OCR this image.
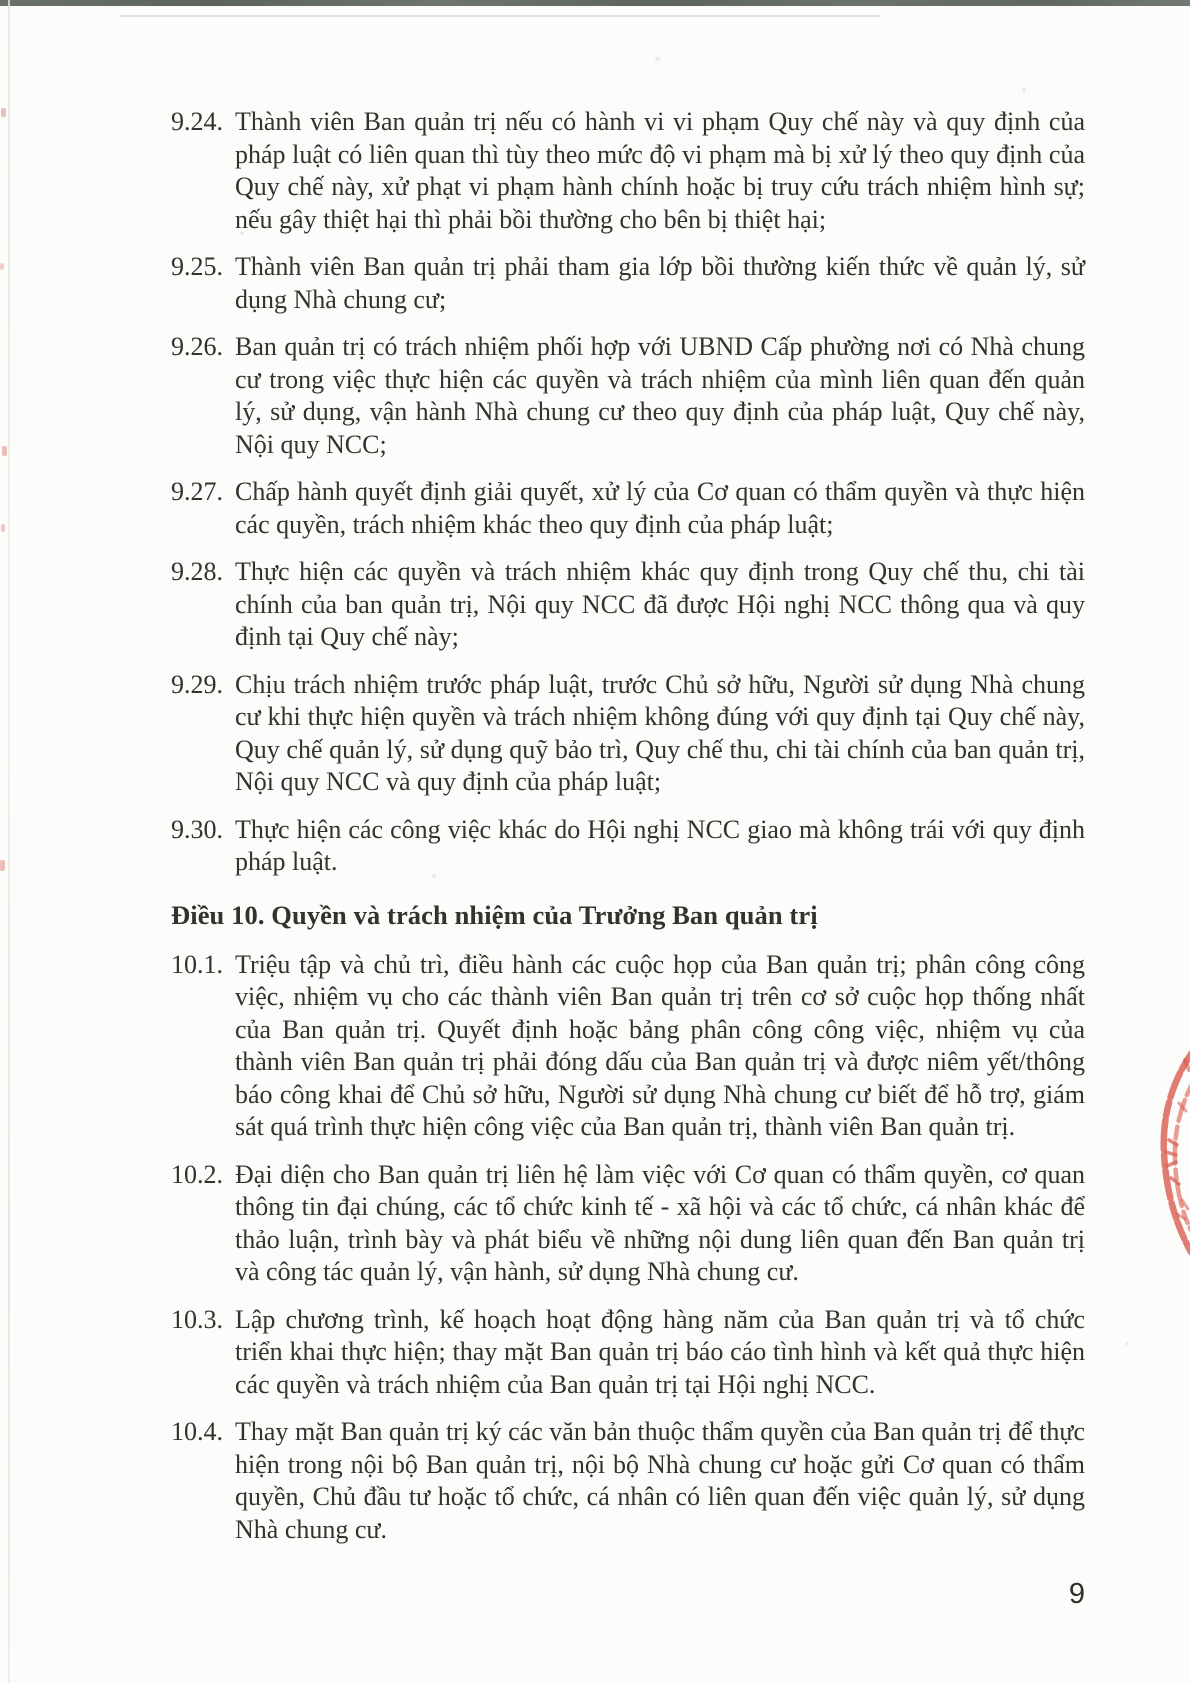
9.24. Thành viên Ban quản trị nếu có hành vi vi phạm Quy chế này và quy định của pháp luật có liên quan thì tùy theo mức độ vi phạm mà bị xử lý theo quy định của Quy chế này, xử phạt vi phạm hành chính hoặc bị truy cứu trách nhiệm hình sự; nếu gây thiệt hại thì phải bồi thường cho bên bị thiệt hại;
9.25. Thành viên Ban quản trị phải tham gia lớp bồi thường kiến thức về quản lý, sử dụng Nhà chung cư;
9.26. Ban quản trị có trách nhiệm phối hợp với UBND Cấp phường nơi có Nhà chung cư trong việc thực hiện các quyền và trách nhiệm của mình liên quan đến quản lý, sử dụng, vận hành Nhà chung cư theo quy định của pháp luật, Quy chế này, Nội quy NCC;
9.27. Chấp hành quyết định giải quyết, xử lý của Cơ quan có thẩm quyền và thực hiện các quyền, trách nhiệm khác theo quy định của pháp luật;
9.28. Thực hiện các quyền và trách nhiệm khác quy định trong Quy chế thu, chi tài chính của ban quản trị, Nội quy NCC đã được Hội nghị NCC thông qua và quy định tại Quy chế này;
9.29. Chịu trách nhiệm trước pháp luật, trước Chủ sở hữu, Người sử dụng Nhà chung cư khi thực hiện quyền và trách nhiệm không đúng với quy định tại Quy chế này, Quy chế quản lý, sử dụng quỹ bảo trì, Quy chế thu, chi tài chính của ban quản trị, Nội quy NCC và quy định của pháp luật;
9.30. Thực hiện các công việc khác do Hội nghị NCC giao mà không trái với quy định pháp luật.
Điều 10. Quyền và trách nhiệm của Trưởng Ban quản trị
10.1. Triệu tập và chủ trì, điều hành các cuộc họp của Ban quản trị; phân công công việc, nhiệm vụ cho các thành viên Ban quản trị trên cơ sở cuộc họp thống nhất của Ban quản trị. Quyết định hoặc bảng phân công công việc, nhiệm vụ của thành viên Ban quản trị phải đóng dấu của Ban quản trị và được niêm yết/thông báo công khai để Chủ sở hữu, Người sử dụng Nhà chung cư biết để hỗ trợ, giám sát quá trình thực hiện công việc của Ban quản trị, thành viên Ban quản trị.
10.2. Đại diện cho Ban quản trị liên hệ làm việc với Cơ quan có thẩm quyền, cơ quan thông tin đại chúng, các tổ chức kinh tế - xã hội và các tổ chức, cá nhân khác để thảo luận, trình bày và phát biểu về những nội dung liên quan đến Ban quản trị và công tác quản lý, vận hành, sử dụng Nhà chung cư.
10.3. Lập chương trình, kế hoạch hoạt động hàng năm của Ban quản trị và tổ chức triển khai thực hiện; thay mặt Ban quản trị báo cáo tình hình và kết quả thực hiện các quyền và trách nhiệm của Ban quản trị tại Hội nghị NCC.
10.4. Thay mặt Ban quản trị ký các văn bản thuộc thẩm quyền của Ban quản trị để thực hiện trong nội bộ Ban quản trị, nội bộ Nhà chung cư hoặc gửi Cơ quan có thẩm quyền, Chủ đầu tư hoặc tổ chức, cá nhân có liên quan đến việc quản lý, sử dụng Nhà chung cư.
9
